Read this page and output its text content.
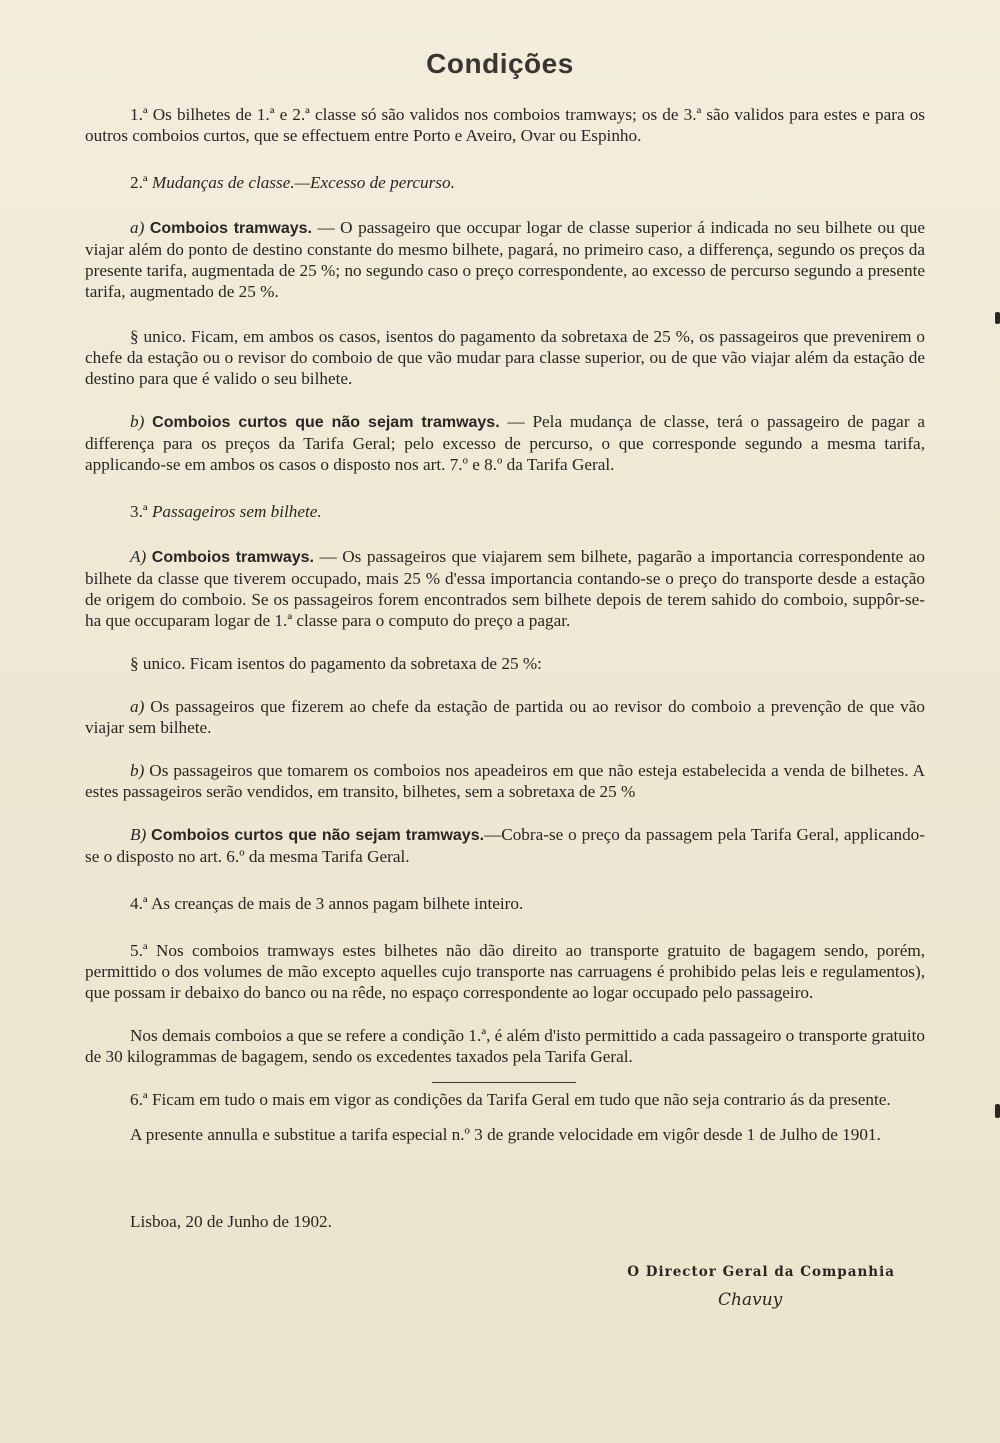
Condições

1.ª Os bilhetes de 1.ª e 2.ª classe só são validos nos comboios tramways; os de 3.ª são validos para estes e para os outros comboios curtos, que se effectuem entre Porto e Aveiro, Ovar ou Espinho.

2.ª Mudanças de classe.—Excesso de percurso.

a) Comboios tramways. — O passageiro que occupar logar de classe superior á indicada no seu bilhete ou que viajar além do ponto de destino constante do mesmo bilhete, pagará, no primeiro caso, a differença, segundo os preços da presente tarifa, augmentada de 25 %; no segundo caso o preço correspondente, ao excesso de percurso segundo a presente tarifa, augmentado de 25 %.

§ unico. Ficam, em ambos os casos, isentos do pagamento da sobretaxa de 25 %, os passageiros que prevenirem o chefe da estação ou o revisor do comboio de que vão mudar para classe superior, ou de que vão viajar além da estação de destino para que é valido o seu bilhete.

b) Comboios curtos que não sejam tramways. — Pela mudança de classe, terá o passageiro de pagar a differença para os preços da Tarifa Geral; pelo excesso de percurso, o que corresponde segundo a mesma tarifa, applicando-se em ambos os casos o disposto nos art. 7.º e 8.º da Tarifa Geral.

3.ª Passageiros sem bilhete.

A) Comboios tramways. — Os passageiros que viajarem sem bilhete, pagarão a importancia correspondente ao bilhete da classe que tiverem occupado, mais 25 % d'essa importancia contando-se o preço do transporte desde a estação de origem do comboio. Se os passageiros forem encontrados sem bilhete depois de terem sahido do comboio, suppôr-se-ha que occuparam logar de 1.ª classe para o computo do preço a pagar.

§ unico. Ficam isentos do pagamento da sobretaxa de 25 %:

a) Os passageiros que fizerem ao chefe da estação de partida ou ao revisor do comboio a prevenção de que vão viajar sem bilhete.

b) Os passageiros que tomarem os comboios nos apeadeiros em que não esteja estabelecida a venda de bilhetes. A estes passageiros serão vendidos, em transito, bilhetes, sem a sobretaxa de 25 %

B) Comboios curtos que não sejam tramways.—Cobra-se o preço da passagem pela Tarifa Geral, applicando-se o disposto no art. 6.º da mesma Tarifa Geral.

4.ª As creanças de mais de 3 annos pagam bilhete inteiro.

5.ª Nos comboios tramways estes bilhetes não dão direito ao transporte gratuito de bagagem sendo, porém, permittido o dos volumes de mão excepto aquelles cujo transporte nas carruagens é prohibido pelas leis e regulamentos), que possam ir debaixo do banco ou na rêde, no espaço correspondente ao logar occupado pelo passageiro.

Nos demais comboios a que se refere a condição 1.ª, é além d'isto permittido a cada passageiro o transporte gratuito de 30 kilogrammas de bagagem, sendo os excedentes taxados pela Tarifa Geral.

6.ª Ficam em tudo o mais em vigor as condições da Tarifa Geral em tudo que não seja contrario ás da presente.

A presente annulla e substitue a tarifa especial n.º 3 de grande velocidade em vigôr desde 1 de Julho de 1901.

Lisboa, 20 de Junho de 1902.
O Director Geral da Companhia
Chavuy
